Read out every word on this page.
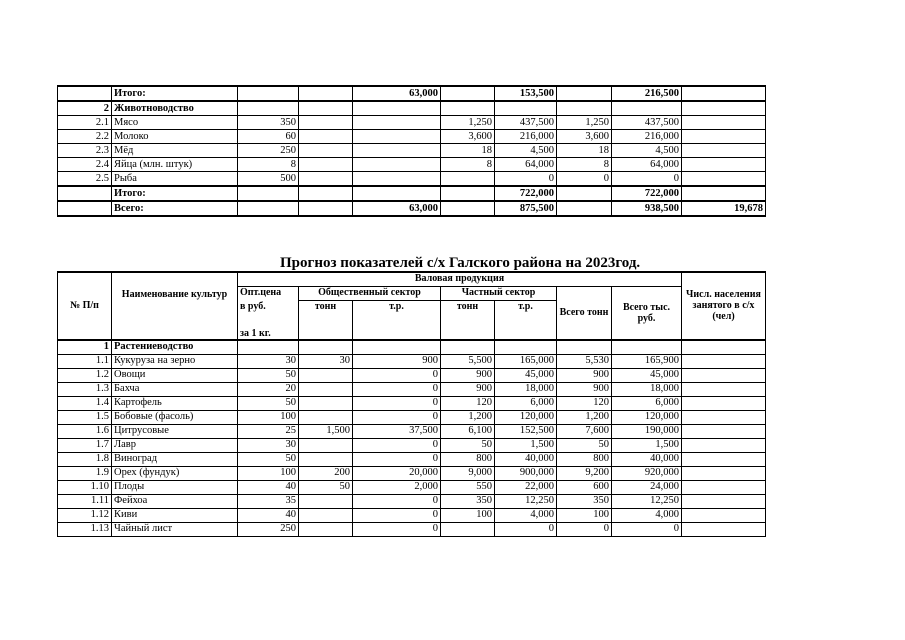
	Итого:			63,000		153,500		216,500	
2	Животноводство								
2.1	Мясо	350			1,250	437,500	1,250	437,500	
2.2	Молоко	60			3,600	216,000	3,600	216,000	
2.3	Мёд	250			18	4,500	18	4,500	
2.4	Яйца (млн. штук)	8			8	64,000	8	64,000	
2.5	Рыба	500				0	0	0	
	Итого:					722,000		722,000	
	Всего:			63,000		875,500		938,500	19,678
Прогноз показателей с/х Галского района на 2023год.
№ П/п	Наименование культур	Валовая продукция							Числ. населения занятого в с/х (чел)
		Опт.цена	Общественный сектор		Частный сектор		Всего тонн	Всего тыс. руб.	
		в руб.	тонн	т.р.	тонн	т.р.			
		за 1 кг.							
1	Растениеводство								
1.1	Кукуруза на зерно	30	30	900	5,500	165,000	5,530	165,900	
1.2	Овощи	50		0	900	45,000	900	45,000	
1.3	Бахча	20		0	900	18,000	900	18,000	
1.4	Картофель	50		0	120	6,000	120	6,000	
1.5	Бобовые (фасоль)	100		0	1,200	120,000	1,200	120,000	
1.6	Цитрусовые	25	1,500	37,500	6,100	152,500	7,600	190,000	
1.7	Лавр	30		0	50	1,500	50	1,500	
1.8	Виноград	50		0	800	40,000	800	40,000	
1.9	Орех (фундук)	100	200	20,000	9,000	900,000	9,200	920,000	
1.10	Плоды	40	50	2,000	550	22,000	600	24,000	
1.11	Фейхоа	35		0	350	12,250	350	12,250	
1.12	Киви	40		0	100	4,000	100	4,000	
1.13	Чайный лист	250		0		0	0	0	
